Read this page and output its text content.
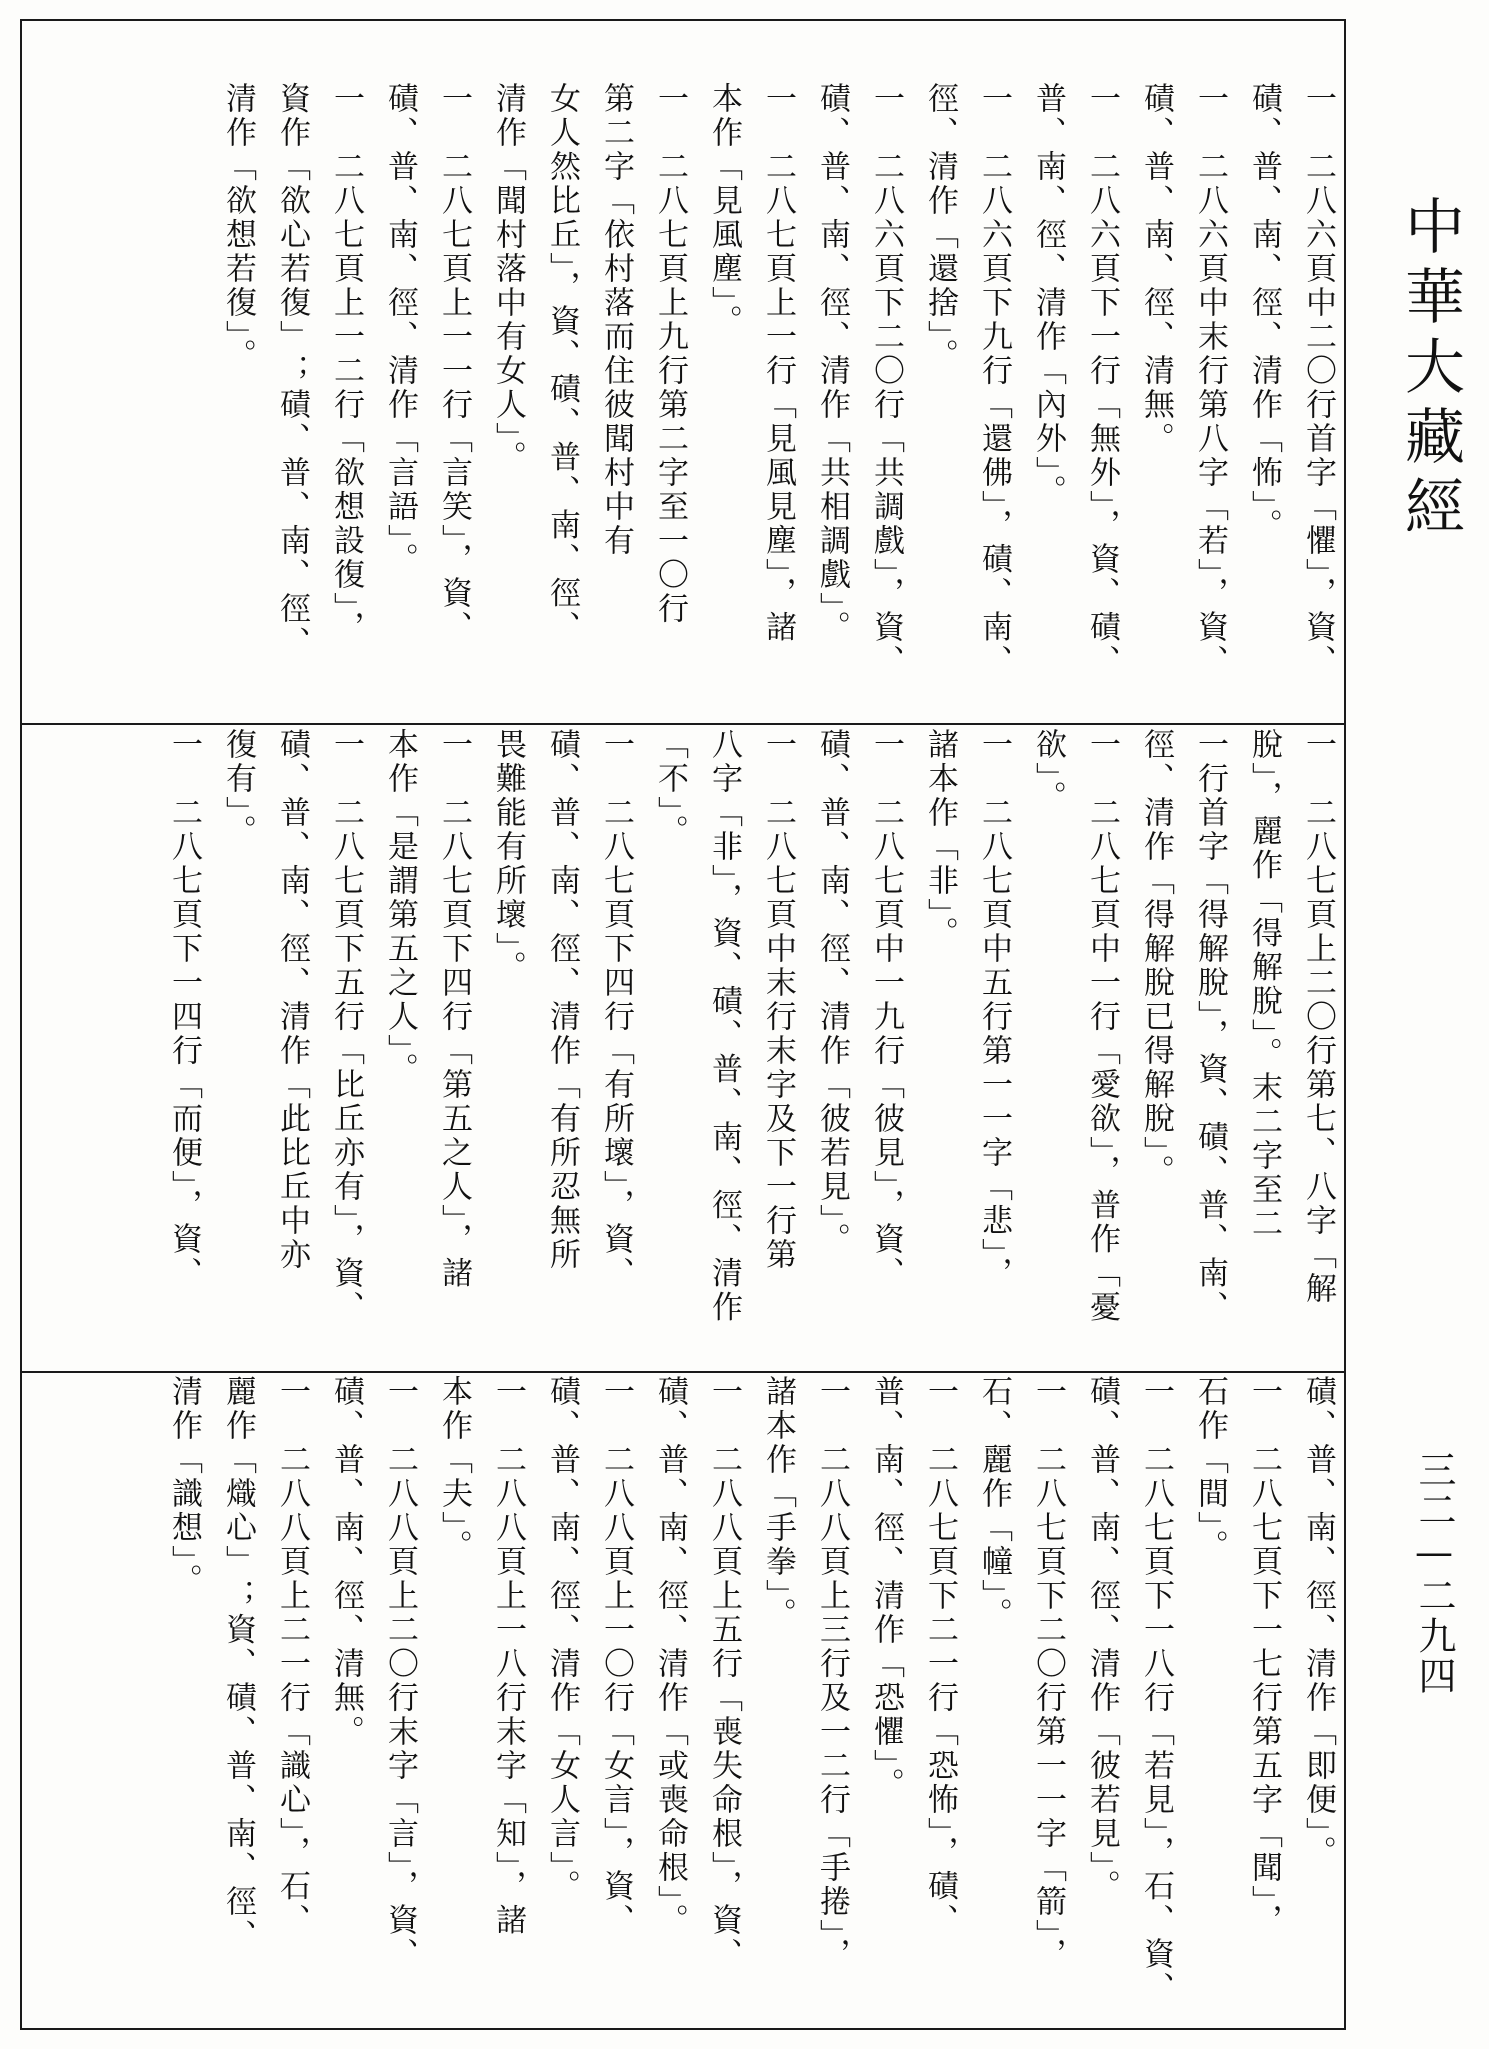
中華大藏經
三二—二九四
一　二八六頁中二〇行首字「懼」，資、
磧、普、南、徑、清作「怖」。
一　二八六頁中末行第八字「若」，資、
磧、普、南、徑、清無。
一　二八六頁下一行「無外」，資、磧、
普、南、徑、清作「內外」。
一　二八六頁下九行「還佛」，磧、南、
徑、清作「還捨」。
一　二八六頁下二〇行「共調戲」，資、
磧、普、南、徑、清作「共相調戲」。
一　二八七頁上一行「見風見塵」，諸
本作「見風塵」。
一　二八七頁上九行第二字至一〇行
第二字「依村落而住彼聞村中有
女人然比丘」，資、磧、普、南、徑、
清作「聞村落中有女人」。
一　二八七頁上一一行「言笑」，資、
磧、普、南、徑、清作「言語」。
一　二八七頁上一二行「欲想設復」，
資作「欲心若復」；磧、普、南、徑、
清作「欲想若復」。
一　二八七頁上二〇行第七、八字「解
脫」，麗作「得解脫」。末二字至二
一行首字「得解脫」，資、磧、普、南、
徑、清作「得解脫已得解脫」。
一　二八七頁中一行「愛欲」，普作「憂
欲」。
一　二八七頁中五行第一一字「悲」，
諸本作「非」。
一　二八七頁中一九行「彼見」，資、
磧、普、南、徑、清作「彼若見」。
一　二八七頁中末行末字及下一行第
八字「非」，資、磧、普、南、徑、清作
「不」。
一　二八七頁下四行「有所壞」，資、
磧、普、南、徑、清作「有所忍無所
畏難能有所壞」。
一　二八七頁下四行「第五之人」，諸
本作「是謂第五之人」。
一　二八七頁下五行「比丘亦有」，資、
磧、普、南、徑、清作「此比丘中亦
復有」。
一　二八七頁下一四行「而便」，資、
磧、普、南、徑、清作「即便」。
一　二八七頁下一七行第五字「聞」，
石作「間」。
一　二八七頁下一八行「若見」，石、資、
磧、普、南、徑、清作「彼若見」。
一　二八七頁下二〇行第一一字「箭」，
石、麗作「幢」。
一　二八七頁下二一行「恐怖」，磧、
普、南、徑、清作「恐懼」。
一　二八八頁上三行及一二行「手捲」，
諸本作「手拳」。
一　二八八頁上五行「喪失命根」，資、
磧、普、南、徑、清作「或喪命根」。
一　二八八頁上一〇行「女言」，資、
磧、普、南、徑、清作「女人言」。
一　二八八頁上一八行末字「知」，諸
本作「夫」。
一　二八八頁上二〇行末字「言」，資、
磧、普、南、徑、清無。
一　二八八頁上二一行「識心」，石、
麗作「熾心」；資、磧、普、南、徑、
清作「識想」。
